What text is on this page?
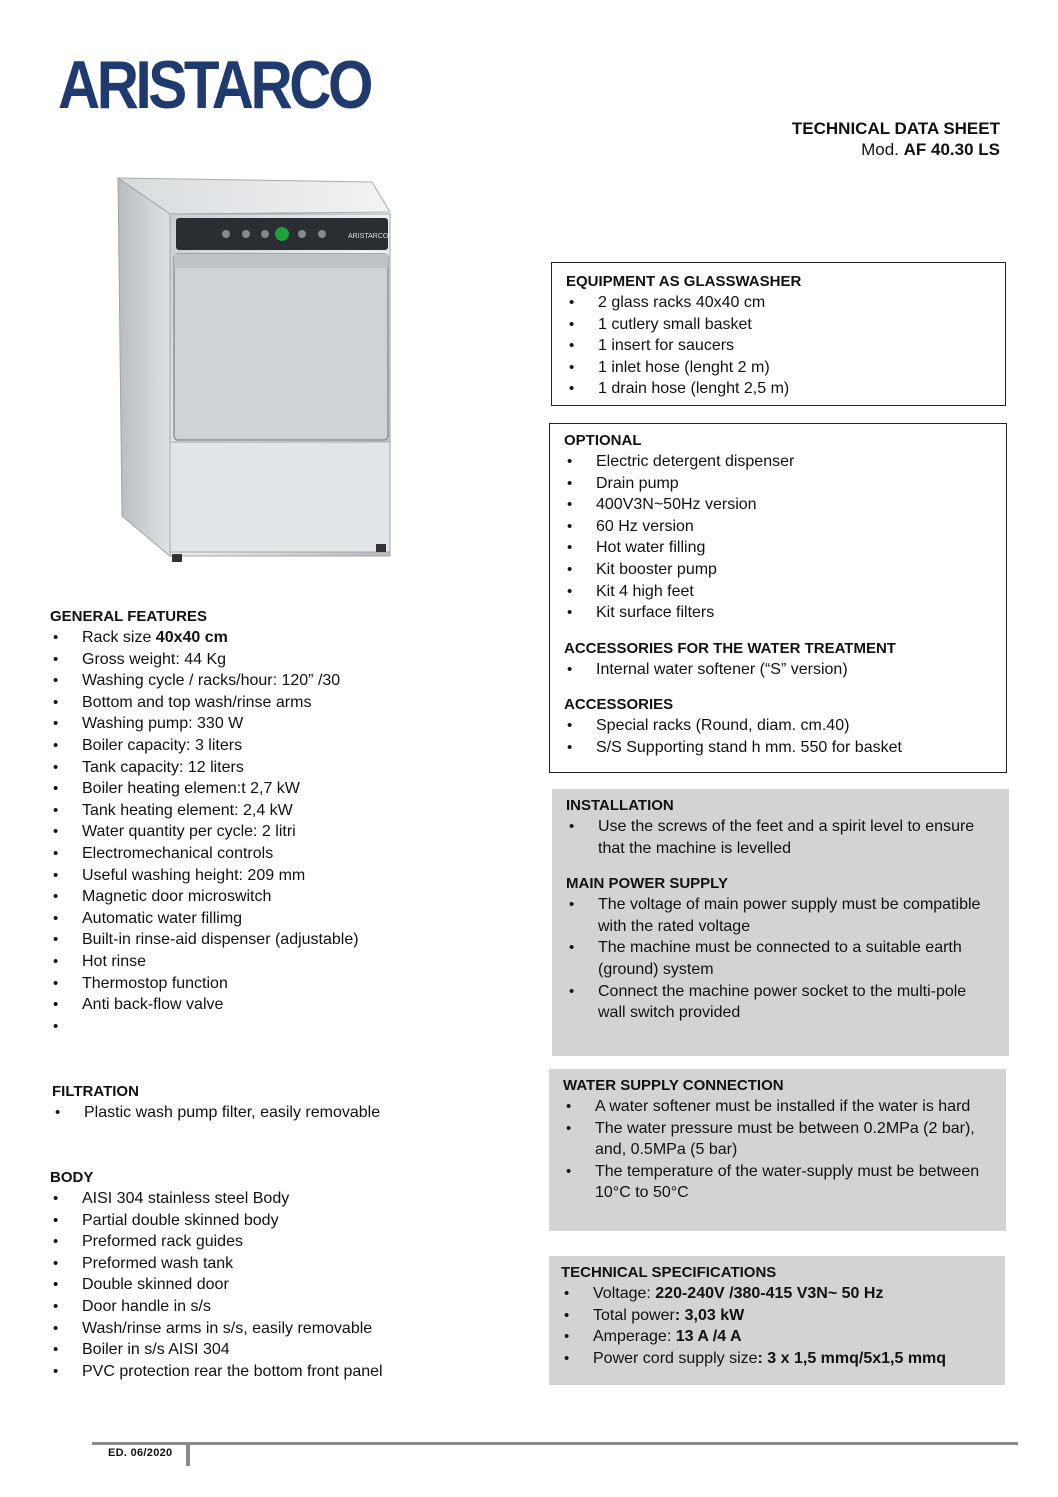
ARISTARCO
TECHNICAL DATA SHEET
Mod. AF 40.30 LS
ARISTARCO
GENERAL FEATURES
• Rack size 40x40 cm
• Gross weight: 44 Kg
• Washing cycle / racks/hour: 120” /30
• Bottom and top wash/rinse arms
• Washing pump: 330 W
• Boiler capacity: 3 liters
• Tank capacity: 12 liters
• Boiler heating elemen:t 2,7 kW
• Tank heating element: 2,4 kW
• Water quantity per cycle: 2 litri
• Electromechanical controls
• Useful washing height: 209 mm
• Magnetic door microswitch
• Automatic water fillimg
• Built-in rinse-aid dispenser (adjustable)
• Hot rinse
• Thermostop function
• Anti back-flow valve
•
FILTRATION
• Plastic wash pump filter, easily removable
BODY
• AISI 304 stainless steel Body
• Partial double skinned body
• Preformed rack guides
• Preformed wash tank
• Double skinned door
• Door handle in s/s
• Wash/rinse arms in s/s, easily removable
• Boiler in s/s AISI 304
• PVC protection rear the bottom front panel
EQUIPMENT AS GLASSWASHER
• 2 glass racks 40x40 cm
• 1 cutlery small basket
• 1 insert for saucers
• 1 inlet hose (lenght 2 m)
• 1 drain hose (lenght 2,5 m)
OPTIONAL
• Electric detergent dispenser
• Drain pump
• 400V3N~50Hz version
• 60 Hz version
• Hot water filling
• Kit booster pump
• Kit 4 high feet
• Kit surface filters
ACCESSORIES FOR THE WATER TREATMENT
• Internal water softener (“S” version)
ACCESSORIES
• Special racks (Round, diam. cm.40)
• S/S Supporting stand h mm. 550 for basket
INSTALLATION
• Use the screws of the feet and a spirit level to ensure that the machine is levelled
MAIN POWER SUPPLY
• The voltage of main power supply must be compatible with the rated voltage
• The machine must be connected to a suitable earth (ground) system
• Connect the machine power socket to the multi-pole wall switch provided
WATER SUPPLY CONNECTION
• A water softener must be installed if the water is hard
• The water pressure must be between 0.2MPa (2 bar), and, 0.5MPa (5 bar)
• The temperature of the water-supply must be between 10°C to 50°C
TECHNICAL SPECIFICATIONS
• Voltage: 220-240V /380-415 V3N~ 50 Hz
• Total power: 3,03 kW
• Amperage: 13 A /4 A
• Power cord supply size: 3 x 1,5 mmq/5x1,5 mmq
ED. 06/2020
